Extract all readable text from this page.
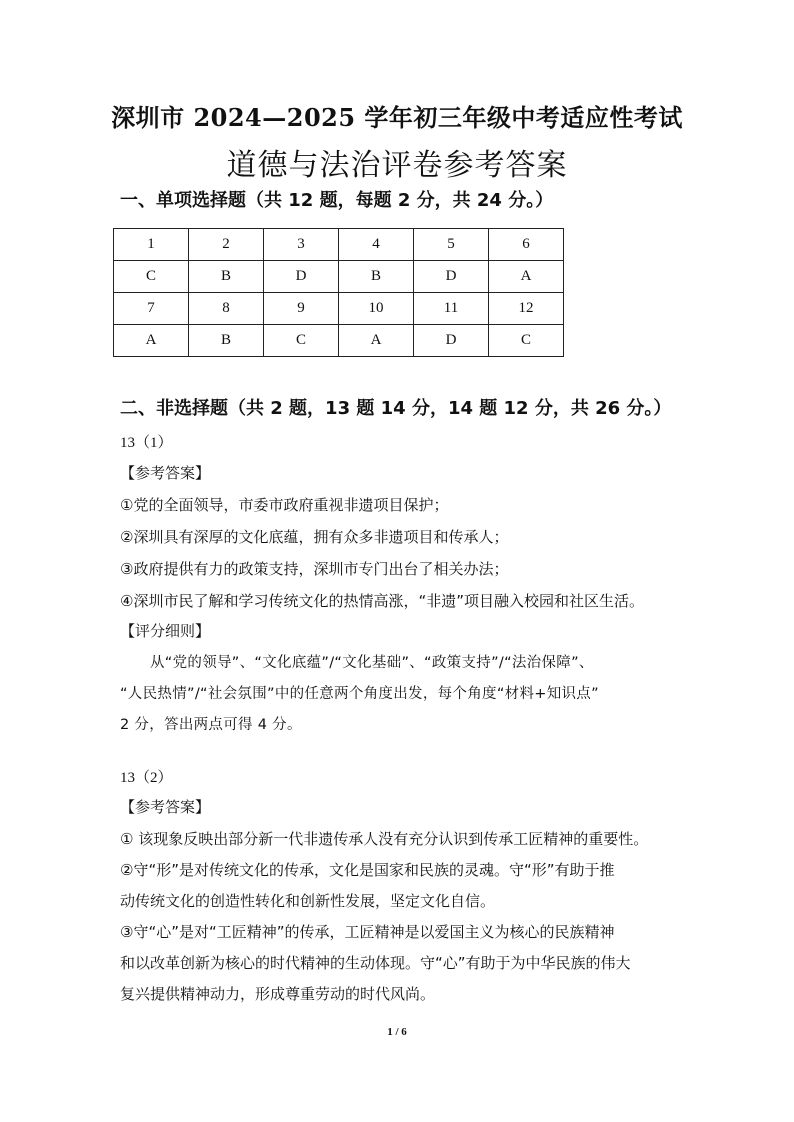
深圳市 2024—2025 学年初三年级中考适应性考试
道德与法治评卷参考答案
一、单项选择题（共 12 题，每题 2 分，共 24 分。）
1	2	3	4	5	6
C	B	D	B	D	A
7	8	9	10	11	12
A	B	C	A	D	C
二、非选择题（共 2 题，13 题 14 分，14 题 12 分，共 26 分。）
13（1）
【参考答案】
①党的全面领导，市委市政府重视非遗项目保护；
②深圳具有深厚的文化底蕴，拥有众多非遗项目和传承人；
③政府提供有力的政策支持，深圳市专门出台了相关办法；
④深圳市民了解和学习传统文化的热情高涨，“非遗”项目融入校园和社区生活。
【评分细则】
从“党的领导”、“文化底蕴”/“文化基础”、“政策支持”/“法治保障”、
“人民热情”/“社会氛围”中的任意两个角度出发，每个角度“材料+知识点”
2 分，答出两点可得 4 分。
13（2）
【参考答案】
① 该现象反映出部分新一代非遗传承人没有充分认识到传承工匠精神的重要性。
②守“形”是对传统文化的传承，文化是国家和民族的灵魂。守“形”有助于推
动传统文化的创造性转化和创新性发展，坚定文化自信。
③守“心”是对“工匠精神”的传承，工匠精神是以爱国主义为核心的民族精神
和以改革创新为核心的时代精神的生动体现。守“心”有助于为中华民族的伟大
复兴提供精神动力，形成尊重劳动的时代风尚。
1 / 6
